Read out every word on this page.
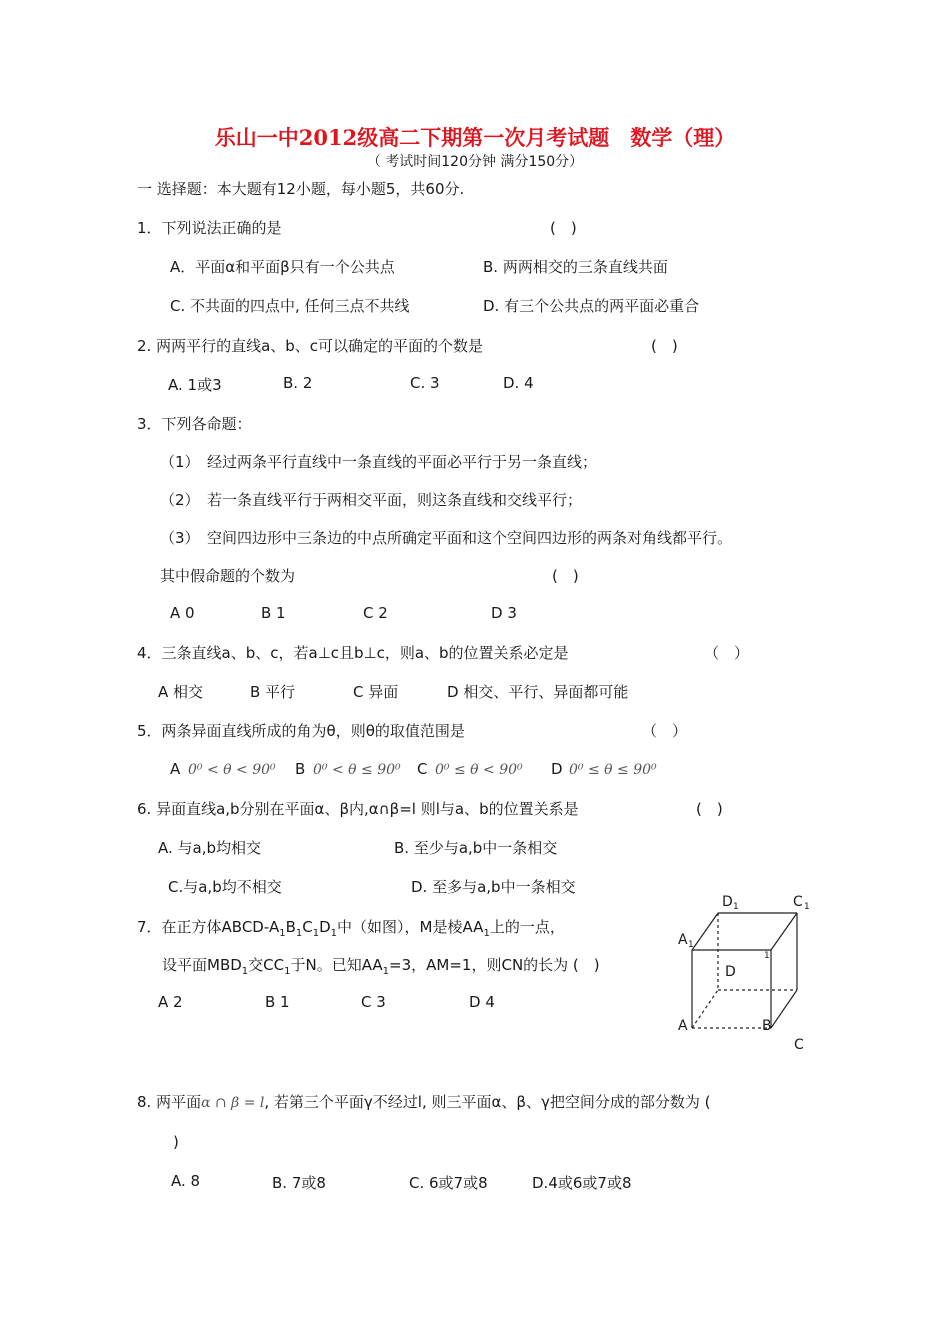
乐山一中2012级高二下期第一次月考试题　数学（理）
（ 考试时间120分钟 满分150分）
一 选择题：本大题有12小题，每小题5，共60分.
1．下列说法正确的是	(　)
A．平面α和平面β只有一个公共点	B. 两两相交的三条直线共面
C. 不共面的四点中, 任何三点不共线	D. 有三个公共点的两平面必重合
2. 两两平行的直线a、b、c可以确定的平面的个数是	(　)
A. 1或3	B. 2	C. 3	D. 4
3．下列各命题：
（1）　经过两条平行直线中一条直线的平面必平行于另一条直线；
（2）　若一条直线平行于两相交平面，则这条直线和交线平行；
（3）　空间四边形中三条边的中点所确定平面和这个空间四边形的两条对角线都平行。
其中假命题的个数为	(　)
A 0	B 1	C 2	D 3
4．三条直线a、b、c，若a⊥c且b⊥c，则a、b的位置关系必定是	（　）
A 相交	B 平行	C 异面	D 相交、平行、异面都可能
5．两条异面直线所成的角为θ，则θ的取值范围是	（　）
A 0⁰ < θ < 90⁰ B 0⁰ < θ ≤ 90⁰ C 0⁰ ≤ θ < 90⁰ D 0⁰ ≤ θ ≤ 90⁰
6. 异面直线a,b分别在平面α、β内,α∩β=l 则l与a、b的位置关系是	(　)
A. 与a,b均相交	B. 至少与a,b中一条相交
C.与a,b均不相交	D. 至多与a,b中一条相交
7．在正方体ABCD-$A_1B_1C_1D_1$中（如图），M是棱$AA_1$上的一点，
设平面$MBD_1$交$CC_1$于N。已知$AA_1=3$，AM=1，则CN的长为 (　)
A 2	B 1	C 3	D 4
D 1	C 1
A 1
1
D
A	B
C
8. 两平面α ∩ β = l, 若第三个平面γ不经过l, 则三平面α、β、γ把空间分成的部分数为 (
)
A. 8	B. 7或8	C. 6或7或8	D.4或6或7或8
